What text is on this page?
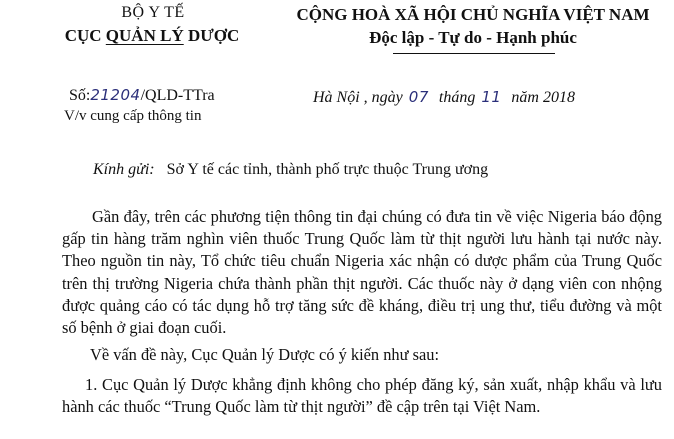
BỘ Y TẾ
CỤC QUẢN LÝ DƯỢC
CỘNG HOÀ XÃ HỘI CHỦ NGHĨA VIỆT NAM
Độc lập - Tự do - Hạnh phúc
Số:21204/QLD-TTra
V/v cung cấp thông tin
Hà Nội , ngày 07 tháng 11 năm 2018
Kính gửi: Sở Y tế các tỉnh, thành phố trực thuộc Trung ương
Gần đây, trên các phương tiện thông tin đại chúng có đưa tin về việc Nigeria báo động gấp tin hàng trăm nghìn viên thuốc Trung Quốc làm từ thịt người lưu hành tại nước này. Theo nguồn tin này, Tổ chức tiêu chuẩn Nigeria xác nhận có dược phẩm của Trung Quốc trên thị trường Nigeria chứa thành phần thịt người. Các thuốc này ở dạng viên con nhộng được quảng cáo có tác dụng hỗ trợ tăng sức đề kháng, điều trị ung thư, tiểu đường và một số bệnh ở giai đoạn cuối.
Về vấn đề này, Cục Quản lý Dược có ý kiến như sau:
1. Cục Quản lý Dược khẳng định không cho phép đăng ký, sản xuất, nhập khẩu và lưu hành các thuốc “Trung Quốc làm từ thịt người” đề cập trên tại Việt Nam.
